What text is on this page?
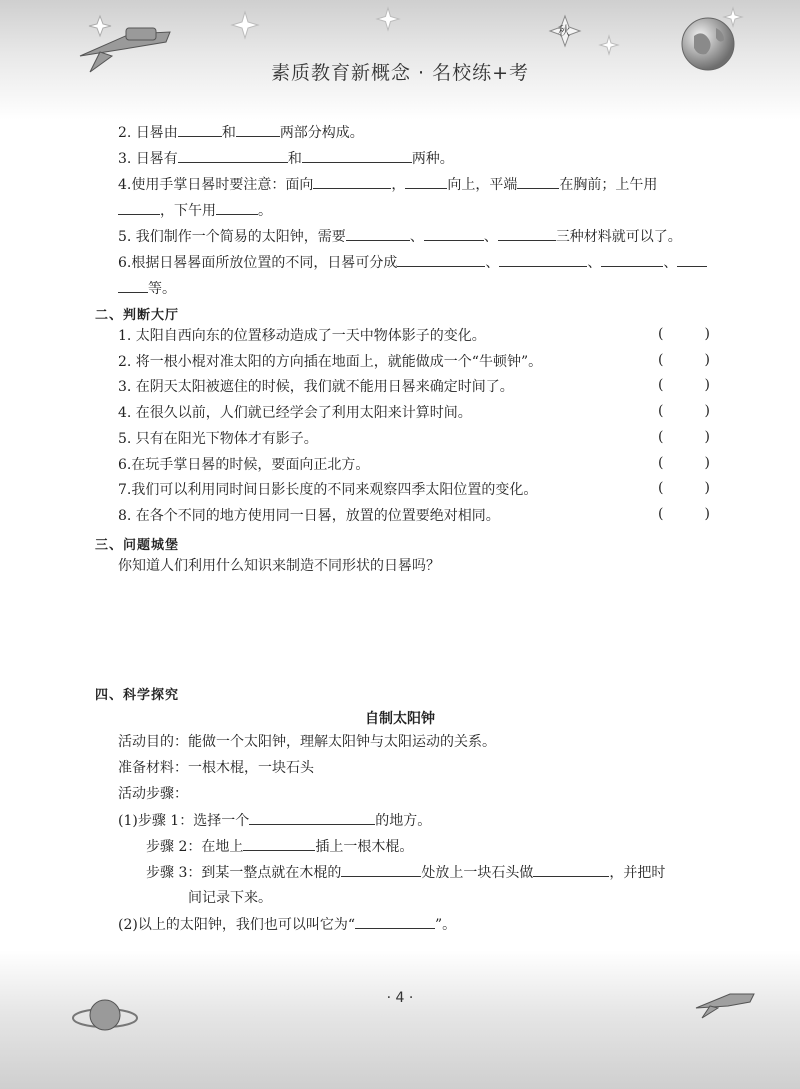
秋
素质教育新概念 · 名校练+考
2. 日晷由	和	两部分构成。
3. 日晷有	和	两种。
4.使用手掌日晷时要注意：面向	，	向上，平端	在胸前；上午用
，下午用	。
5. 我们制作一个简易的太阳钟，需要	、	、	三种材料就可以了。
6.根据日晷晷面所放位置的不同，日晷可分成	、	、	、
等。
二、判断大厅
1. 太阳自西向东的位置移动造成了一天中物体影子的变化。	(	)
2. 将一根小棍对准太阳的方向插在地面上，就能做成一个“牛顿钟”。	(	)
3. 在阴天太阳被遮住的时候，我们就不能用日晷来确定时间了。	(	)
4. 在很久以前，人们就已经学会了利用太阳来计算时间。	(	)
5. 只有在阳光下物体才有影子。	(	)
6.在玩手掌日晷的时候，要面向正北方。	(	)
7.我们可以利用同时间日影长度的不同来观察四季太阳位置的变化。	(	)
8. 在各个不同的地方使用同一日晷，放置的位置要绝对相同。	(	)
三、问题城堡
你知道人们利用什么知识来制造不同形状的日晷吗？
四、科学探究
自制太阳钟
活动目的：能做一个太阳钟，理解太阳钟与太阳运动的关系。
准备材料：一根木棍，一块石头
活动步骤：
(1)步骤 1：选择一个	的地方。
步骤 2：在地上	插上一根木棍。
步骤 3：到某一整点就在木棍的	处放上一块石头做	，并把时
间记录下来。
(2)以上的太阳钟，我们也可以叫它为“	”。
· 4 ·
